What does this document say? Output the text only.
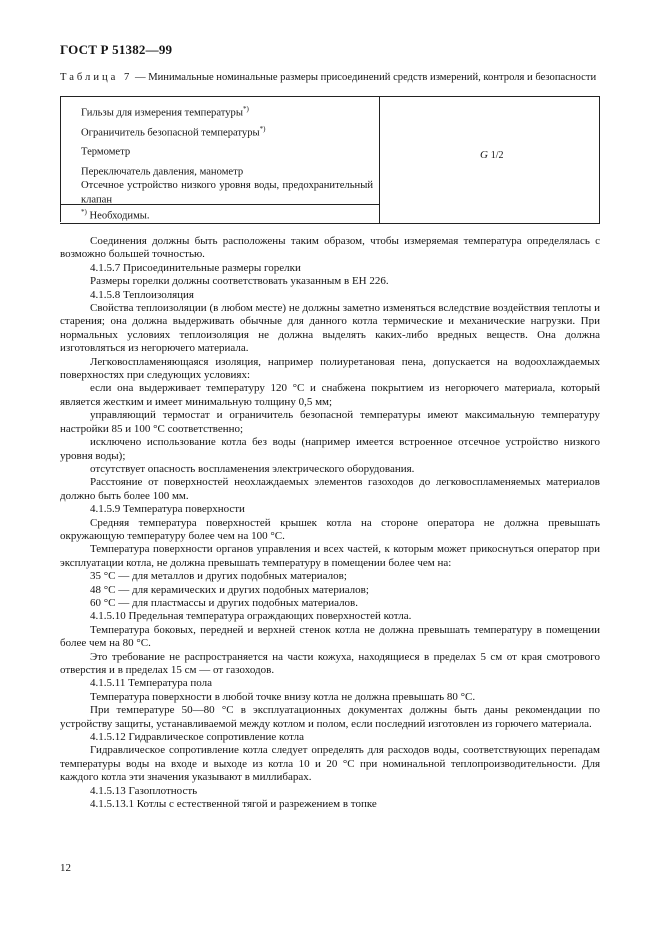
ГОСТ Р 51382—99
Таблица 7 — Минимальные номинальные размеры присоединений средств измерений, контроля и безопасности
Гильзы для измерения температуры*)
Ограничитель безопасной температуры*)
Термометр
Переключатель давления, манометр
Отсечное устройство низкого уровня воды, предохранительный клапан
G 1/2
*) Необходимы.

Соединения должны быть расположены таким образом, чтобы измеряемая температура определялась с возможно большей точностью.

4.1.5.7 Присоединительные размеры горелки

Размеры горелки должны соответствовать указанным в ЕН 226.

4.1.5.8 Теплоизоляция

Свойства теплоизоляции (в любом месте) не должны заметно изменяться вследствие воздействия теплоты и старения; она должна выдерживать обычные для данного котла термические и механические нагрузки. При нормальных условиях теплоизоляция не должна выделять каких-либо вредных веществ. Она должна изготовляться из негорючего материала.

Легковоспламеняющаяся изоляция, например полиуретановая пена, допускается на водоохлаждаемых поверхностях при следующих условиях:

если она выдерживает температуру 120 °С и снабжена покрытием из негорючего материала, который является жестким и имеет минимальную толщину 0,5 мм;

управляющий термостат и ограничитель безопасной температуры имеют максимальную температуру настройки 85 и 100 °С соответственно;

исключено использование котла без воды (например имеется встроенное отсечное устройство низкого уровня воды);

отсутствует опасность воспламенения электрического оборудования.

Расстояние от поверхностей неохлаждаемых элементов газоходов до легковоспламеняемых материалов должно быть более 100 мм.

4.1.5.9 Температура поверхности

Средняя температура поверхностей крышек котла на стороне оператора не должна превышать окружающую температуру более чем на 100 °С.

Температура поверхности органов управления и всех частей, к которым может прикоснуться оператор при эксплуатации котла, не должна превышать температуру в помещении более чем на:

35 °С — для металлов и других подобных материалов;

48 °С — для керамических и других подобных материалов;

60 °С — для пластмассы и других подобных материалов.

4.1.5.10 Предельная температура ограждающих поверхностей котла.

Температура боковых, передней и верхней стенок котла не должна превышать температуру в помещении более чем на 80 °С.

Это требование не распространяется на части кожуха, находящиеся в пределах 5 см от края смотрового отверстия и в пределах 15 см — от газоходов.

4.1.5.11 Температура пола

Температура поверхности в любой точке внизу котла не должна превышать 80 °С.

При температуре 50—80 °С в эксплуатационных документах должны быть даны рекомендации по устройству защиты, устанавливаемой между котлом и полом, если последний изготовлен из горючего материала.

4.1.5.12 Гидравлическое сопротивление котла

Гидравлическое сопротивление котла следует определять для расходов воды, соответствующих перепадам температуры воды на входе и выходе из котла 10 и 20 °С при номинальной теплопроизводительности. Для каждого котла эти значения указывают в миллибарах.

4.1.5.13 Газоплотность

4.1.5.13.1 Котлы с естественной тягой и разрежением в топке

12
